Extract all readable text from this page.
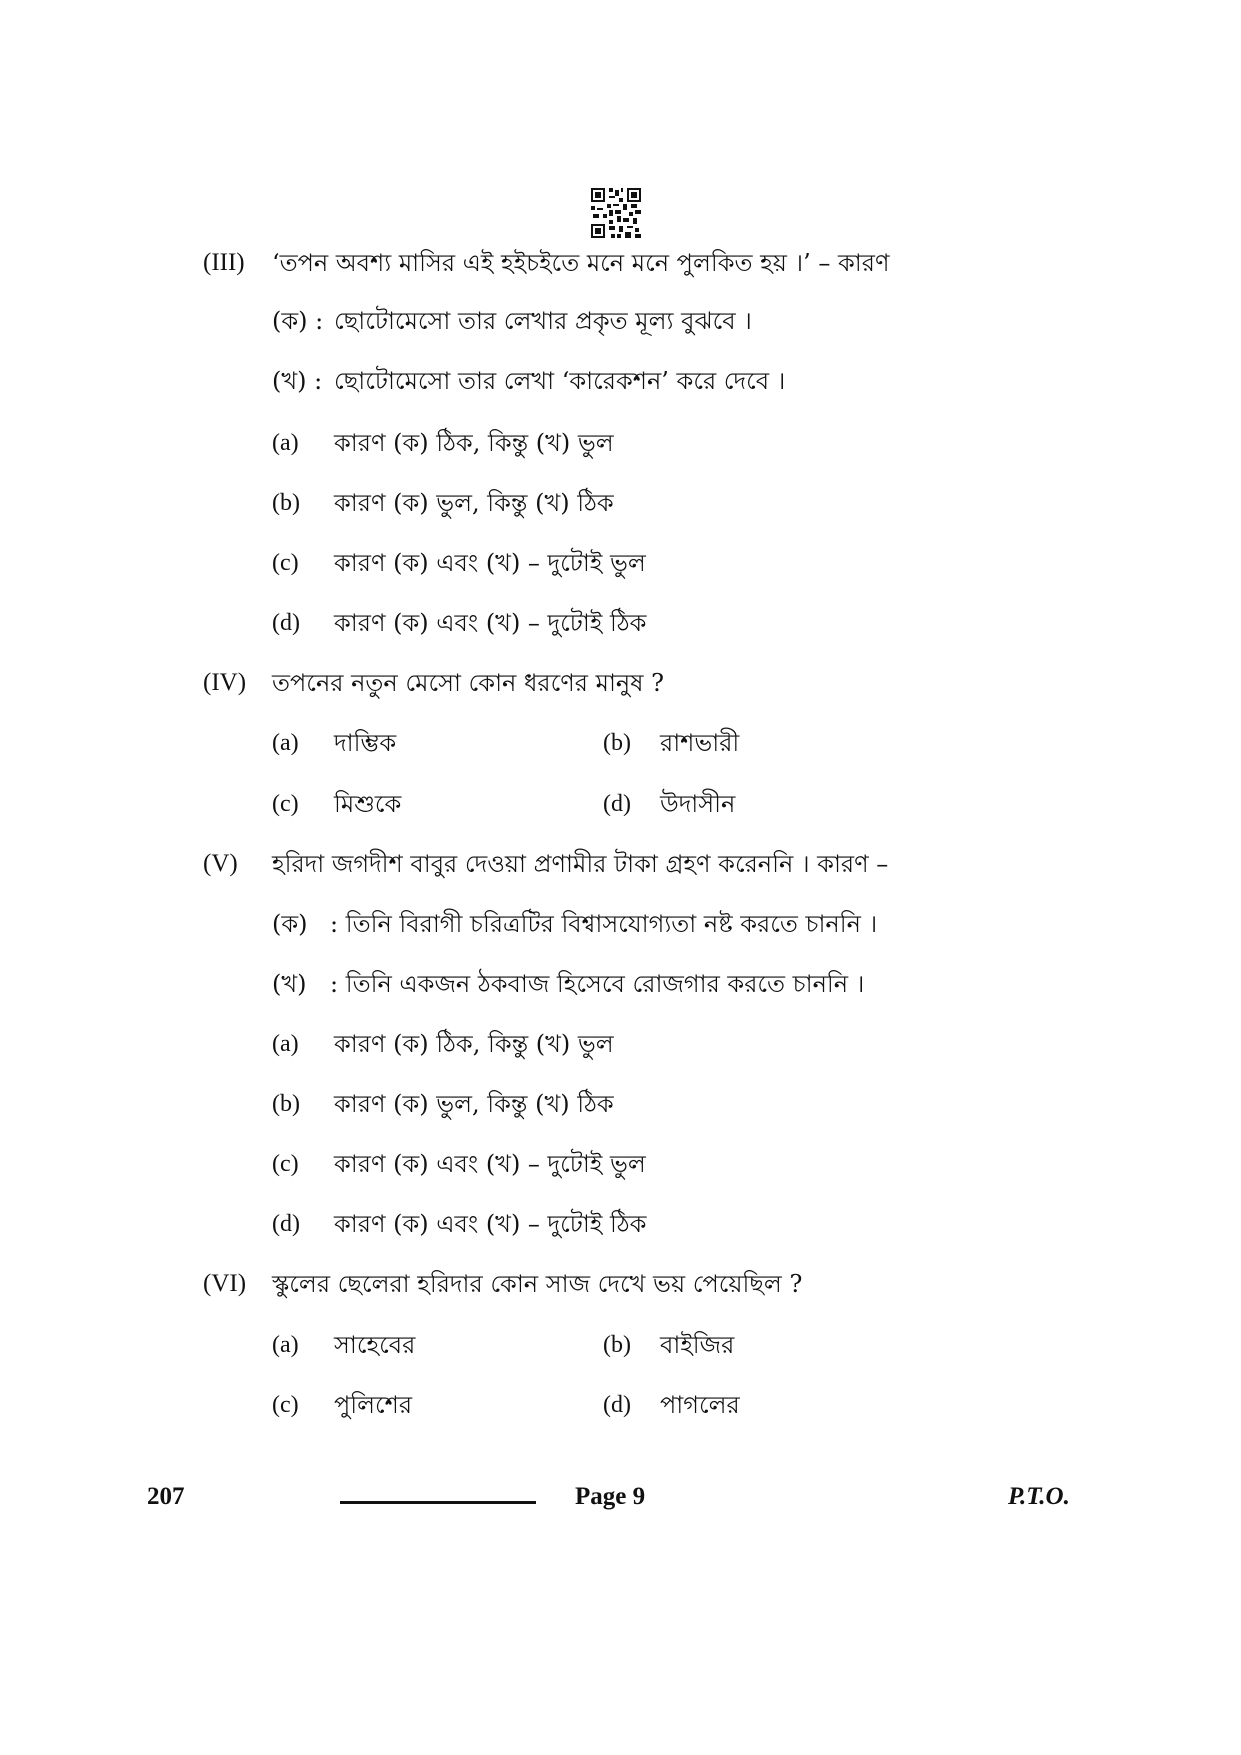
(III) ‘তপন অবশ্য মাসির এই হইচইতে মনে মনে পুলকিত হয় ।’ – কারণ
(ক) : ছোটোমেসো তার লেখার প্রকৃত মূল্য বুঝবে ।
(খ) : ছোটোমেসো তার লেখা ‘কারেকশন’ করে দেবে ।
(a) কারণ (ক) ঠিক, কিন্তু (খ) ভুল
(b) কারণ (ক) ভুল, কিন্তু (খ) ঠিক
(c) কারণ (ক) এবং (খ) – দুটোই ভুল
(d) কারণ (ক) এবং (খ) – দুটোই ঠিক
(IV) তপনের নতুন মেসো কোন ধরণের মানুষ ?
(a) দাম্ভিক	(b) রাশভারী
(c) মিশুকে	(d) উদাসীন
(V) হরিদা জগদীশ বাবুর দেওয়া প্রণামীর টাকা গ্রহণ করেননি । কারণ –
(ক) : তিনি বিরাগী চরিত্রটির বিশ্বাসযোগ্যতা নষ্ট করতে চাননি ।
(খ) : তিনি একজন ঠকবাজ হিসেবে রোজগার করতে চাননি ।
(a) কারণ (ক) ঠিক, কিন্তু (খ) ভুল
(b) কারণ (ক) ভুল, কিন্তু (খ) ঠিক
(c) কারণ (ক) এবং (খ) – দুটোই ভুল
(d) কারণ (ক) এবং (খ) – দুটোই ঠিক
(VI) স্কুলের ছেলেরা হরিদার কোন সাজ দেখে ভয় পেয়েছিল ?
(a) সাহেবের	(b) বাইজির
(c) পুলিশের	(d) পাগলের
207	Page 9	P.T.O.
